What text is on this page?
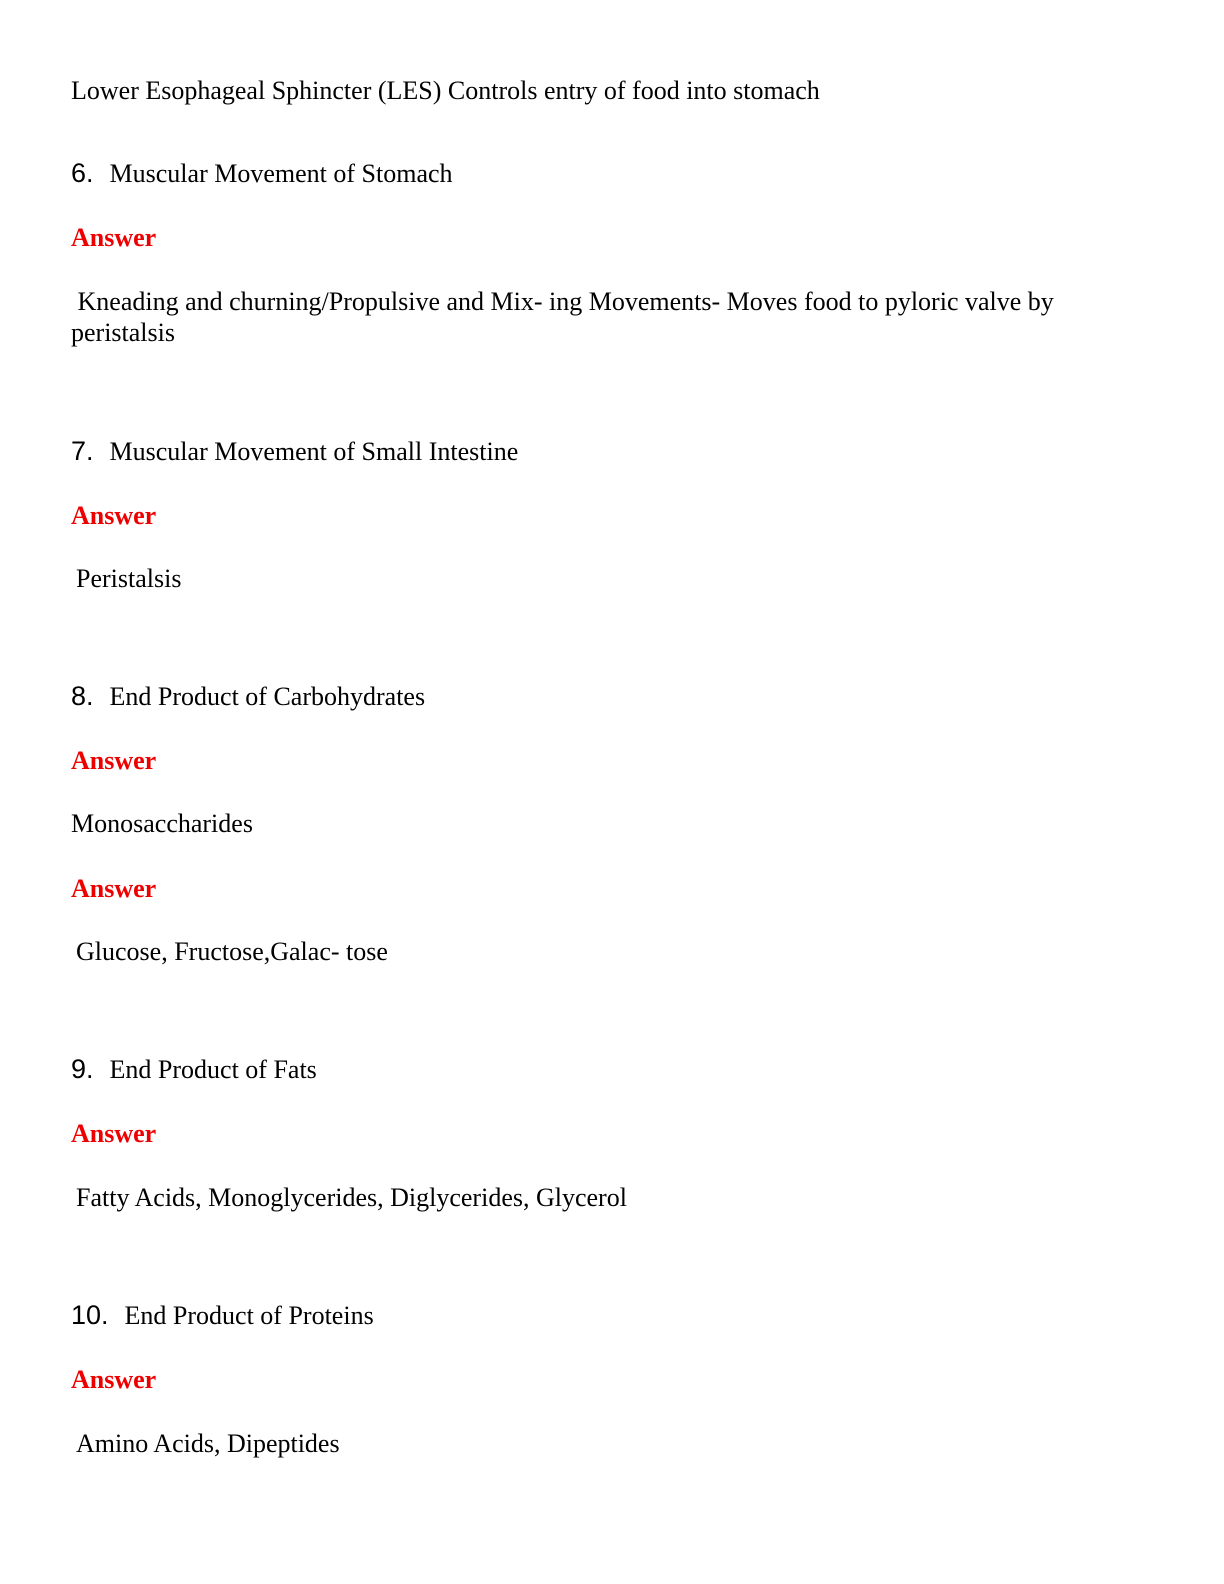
Lower Esophageal Sphincter (LES) Controls entry of food into stomach
6. Muscular Movement of Stomach
Answer
Kneading and churning/Propulsive and Mix- ing Movements- Moves food to pyloric valve by peristalsis
7. Muscular Movement of Small Intestine
Answer
Peristalsis
8. End Product of Carbohydrates
Answer
Monosaccharides
Answer
Glucose, Fructose,Galac- tose
9. End Product of Fats
Answer
Fatty Acids, Monoglycerides, Diglycerides, Glycerol
10. End Product of Proteins
Answer
Amino Acids, Dipeptides
